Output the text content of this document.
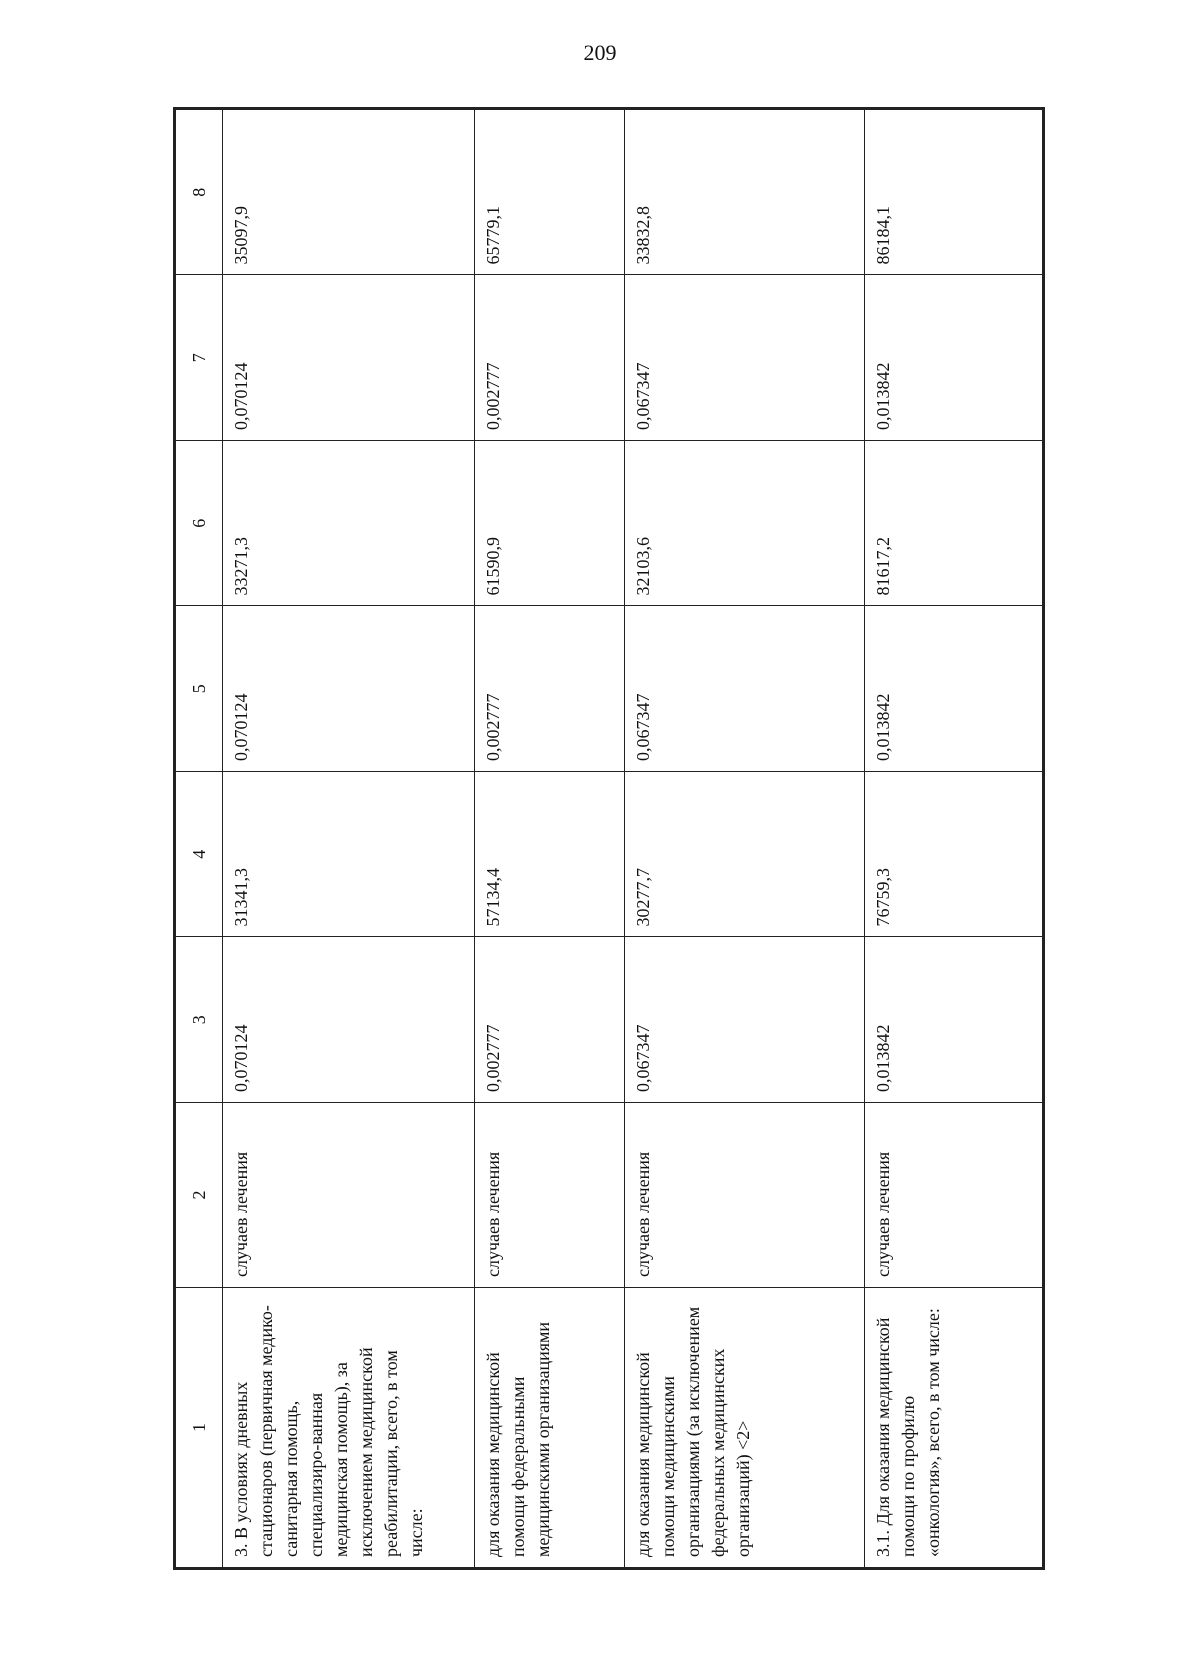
209
1	2	3	4	5	6	7	8
3. В условиях дневных стационаров (первичная медико-санитарная помощь, специализиро-ванная медицинская помощь), за исключением медицинской реабилитации, всего, в том числе:	случаев лечения	0,070124	31341,3	0,070124	33271,3	0,070124	35097,9
для оказания медицинской помощи федеральными медицинскими организациями	случаев лечения	0,002777	57134,4	0,002777	61590,9	0,002777	65779,1
для оказания медицинской помощи медицинскими организациями (за исключением федеральных медицинских организаций) <2>	случаев лечения	0,067347	30277,7	0,067347	32103,6	0,067347	33832,8
3.1. Для оказания медицинской помощи по профилю «онкология», всего, в том числе:	случаев лечения	0,013842	76759,3	0,013842	81617,2	0,013842	86184,1
